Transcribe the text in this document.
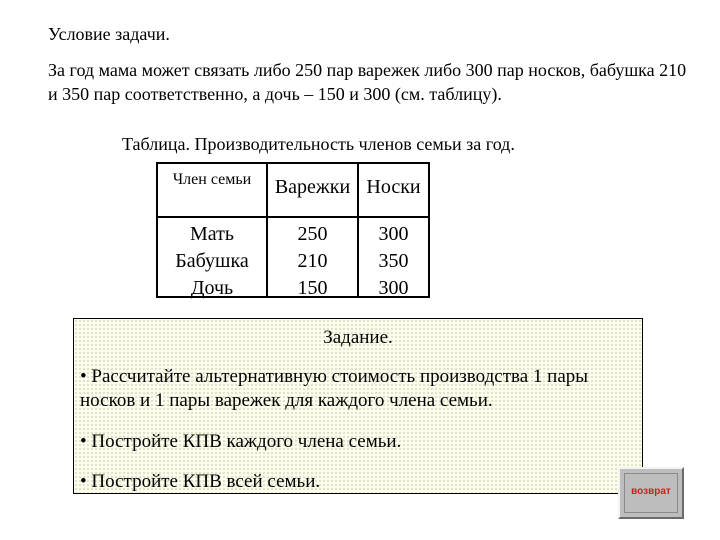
Условие задачи.
За год мама может связать либо 250 пар варежек либо 300 пар носков, бабушка 210 и 350 пар соответственно, а дочь – 150 и 300 (см. таблицу).
Таблица. Производительность членов семьи за год.
Член семьи	Варежки Носки
Мать
Бабушка
Дочь
250
210
150
300
350
300
Задание.
• Рассчитайте альтернативную стоимость производства 1 пары носков и 1 пары варежек для каждого члена семьи.
• Постройте КПВ каждого члена семьи.
• Постройте КПВ всей семьи.	возврат
